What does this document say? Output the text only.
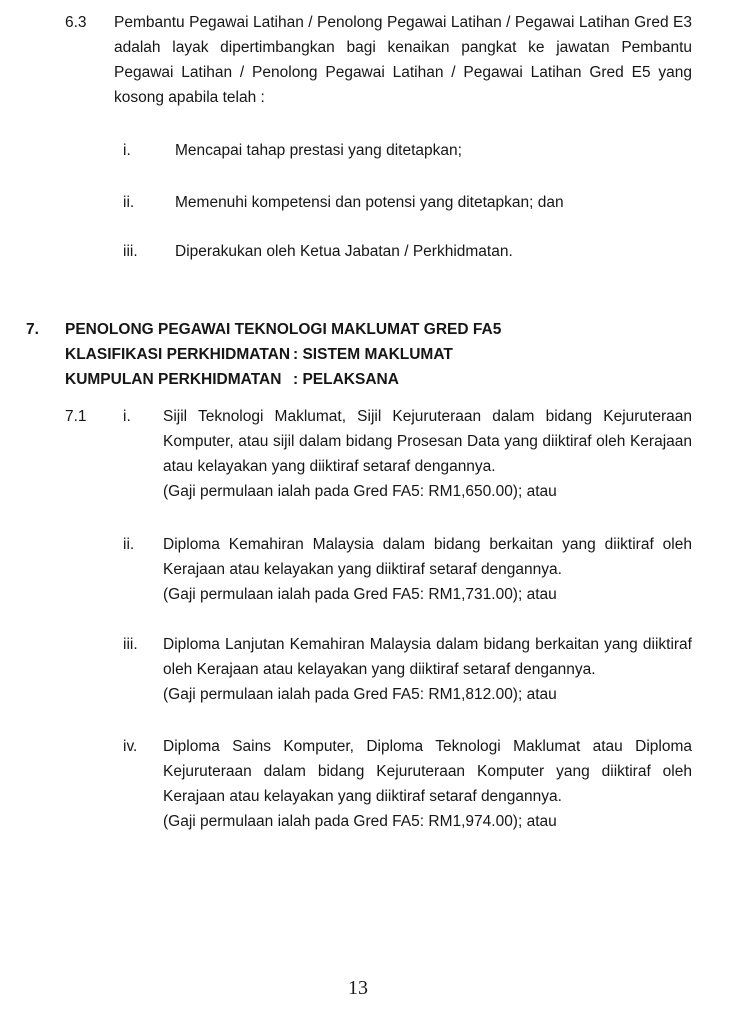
6.3	Pembantu Pegawai Latihan / Penolong Pegawai Latihan / Pegawai Latihan Gred E3 adalah layak dipertimbangkan bagi kenaikan pangkat ke jawatan Pembantu Pegawai Latihan / Penolong Pegawai Latihan / Pegawai Latihan Gred E5 yang kosong apabila telah :
i.	Mencapai tahap prestasi yang ditetapkan;
ii.	Memenuhi kompetensi dan potensi yang ditetapkan; dan
iii.	Diperakukan oleh Ketua Jabatan / Perkhidmatan.
7.	PENOLONG PEGAWAI TEKNOLOGI MAKLUMAT GRED FA5
KLASIFIKASI PERKHIDMATAN : SISTEM MAKLUMAT
KUMPULAN PERKHIDMATAN : PELAKSANA
7.1	i.	Sijil Teknologi Maklumat, Sijil Kejuruteraan dalam bidang Kejuruteraan Komputer, atau sijil dalam bidang Prosesan Data yang diiktiraf oleh Kerajaan atau kelayakan yang diiktiraf setaraf dengannya.
(Gaji permulaan ialah pada Gred FA5: RM1,650.00); atau
ii.	Diploma Kemahiran Malaysia dalam bidang berkaitan yang diiktiraf oleh Kerajaan atau kelayakan yang diiktiraf setaraf dengannya.
(Gaji permulaan ialah pada Gred FA5: RM1,731.00); atau
iii.	Diploma Lanjutan Kemahiran Malaysia dalam bidang berkaitan yang diiktiraf oleh Kerajaan atau kelayakan yang diiktiraf setaraf dengannya.
(Gaji permulaan ialah pada Gred FA5: RM1,812.00); atau
iv.	Diploma Sains Komputer, Diploma Teknologi Maklumat atau Diploma Kejuruteraan dalam bidang Kejuruteraan Komputer yang diiktiraf oleh Kerajaan atau kelayakan yang diiktiraf setaraf dengannya.
(Gaji permulaan ialah pada Gred FA5: RM1,974.00); atau
13
